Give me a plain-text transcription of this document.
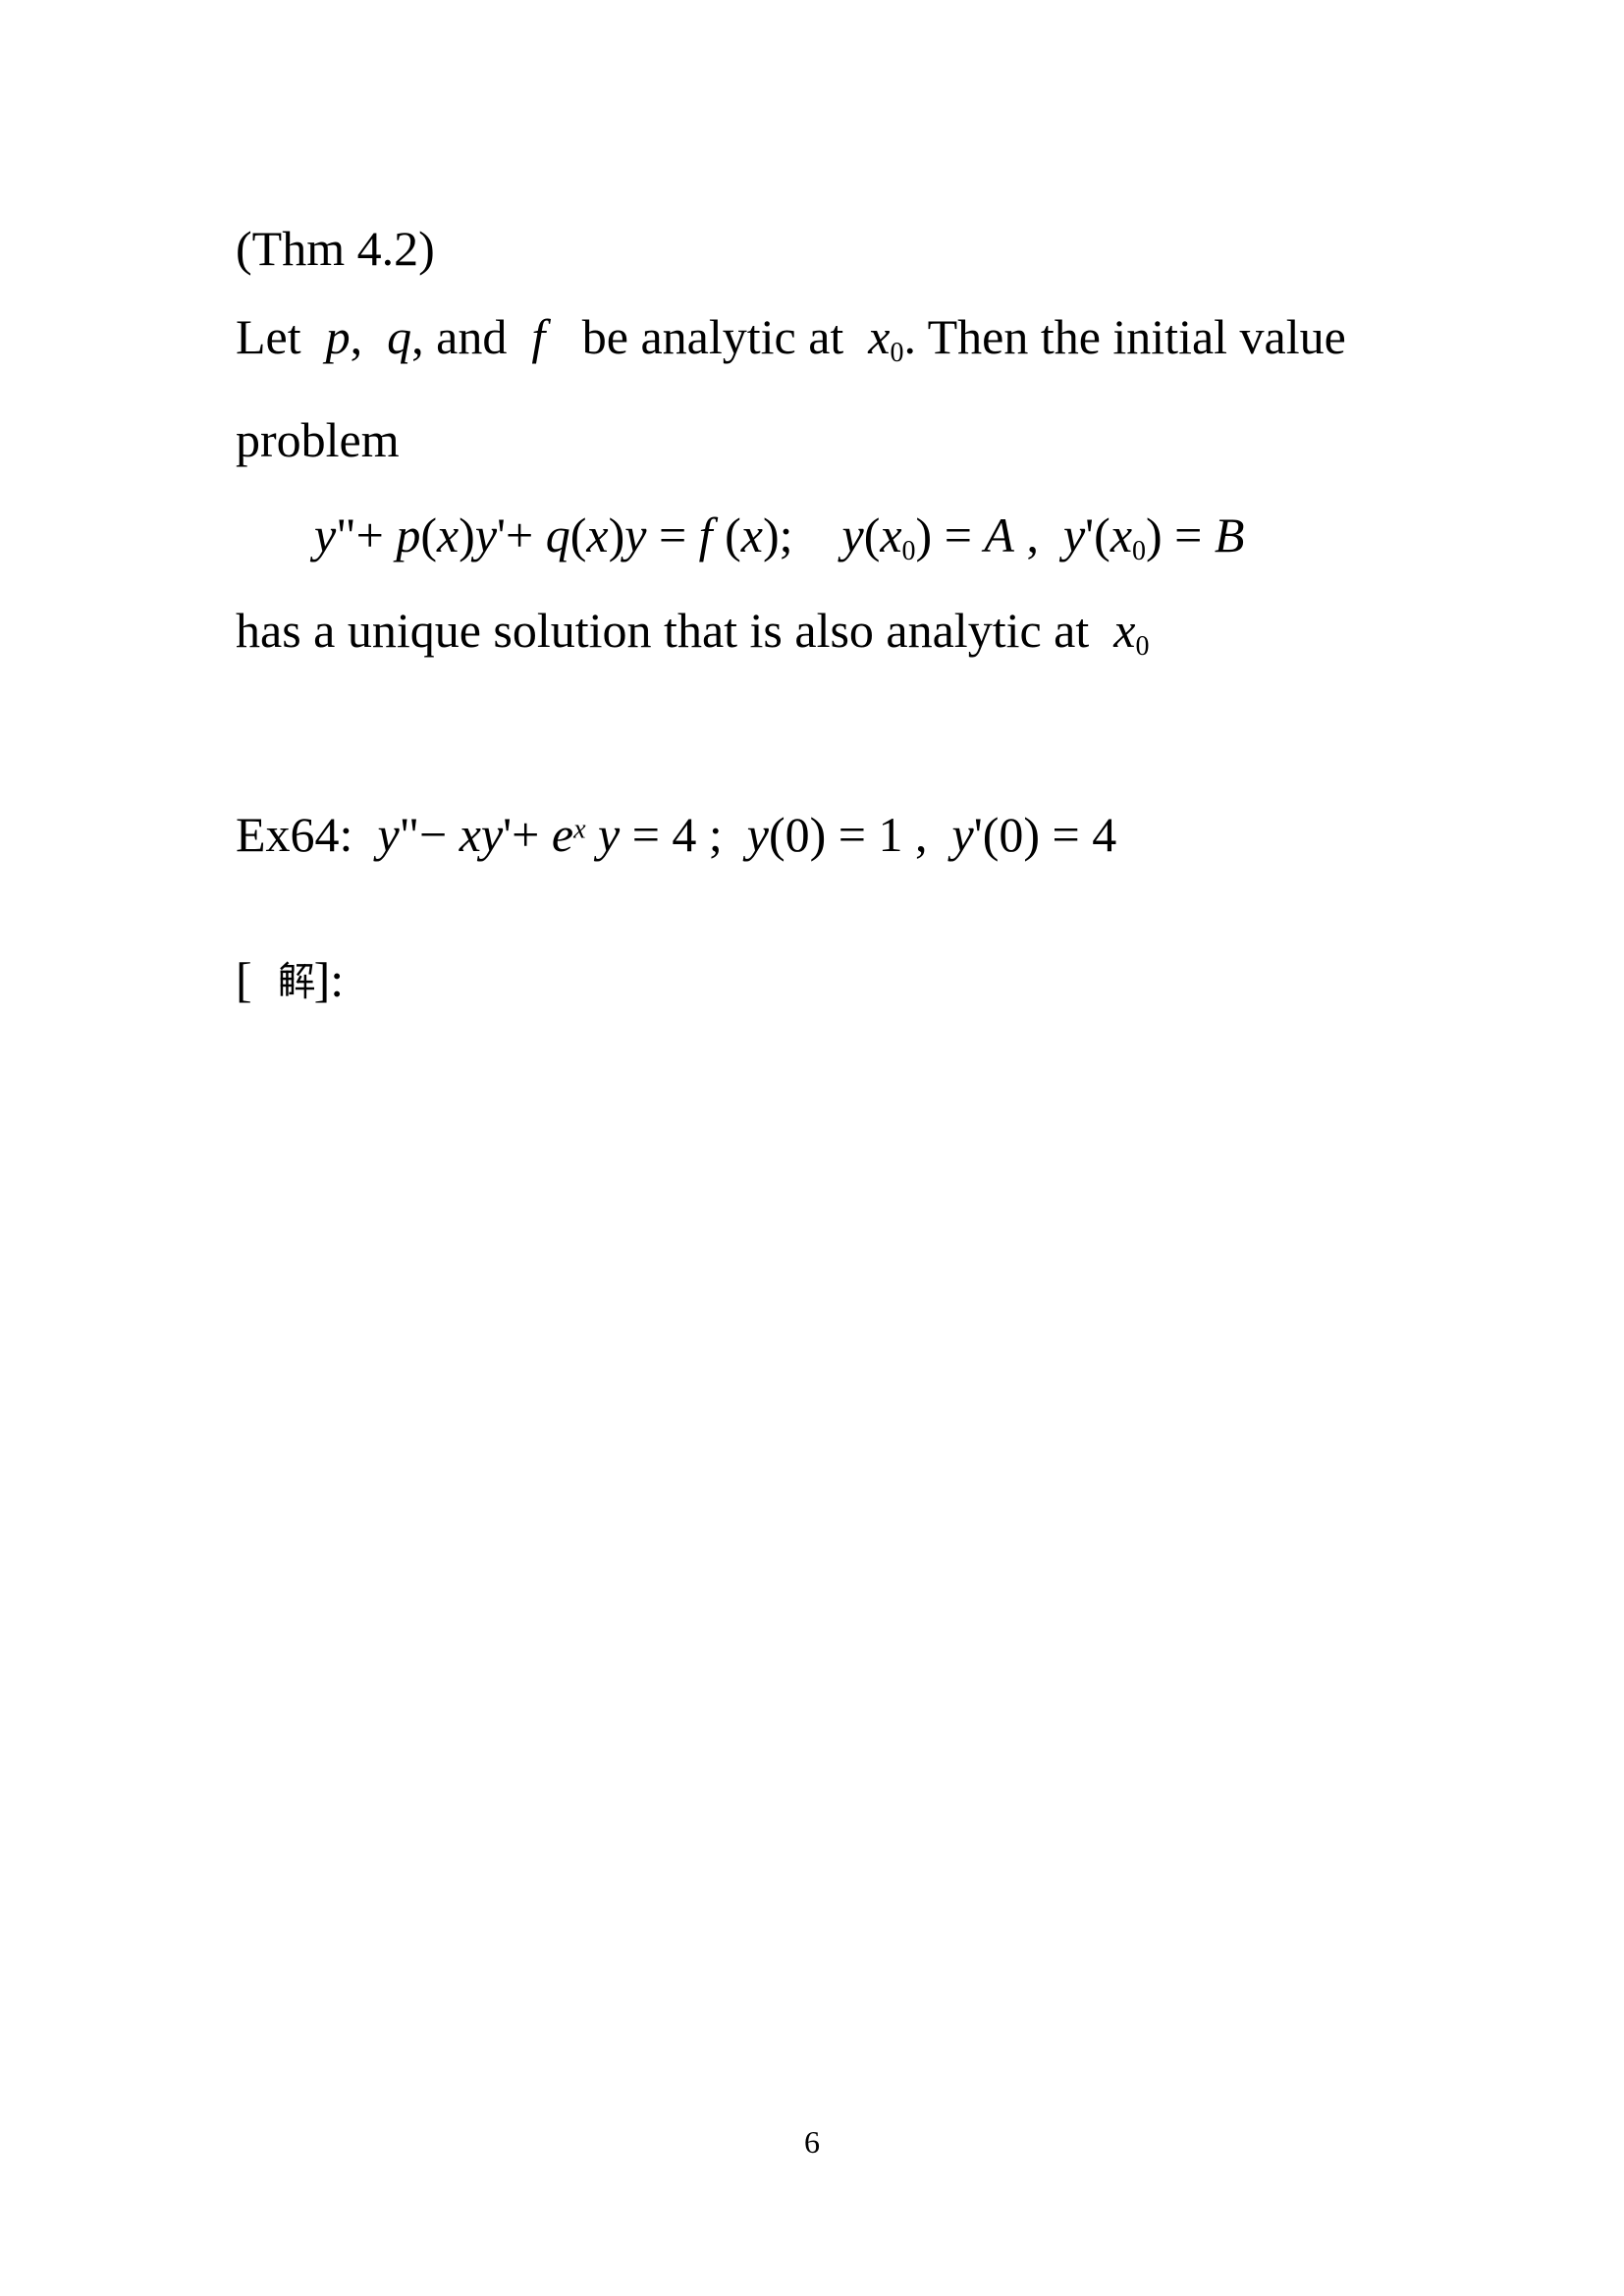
(Thm 4.2)
Let  p,  q, and  f   be analytic at  $x_0$. Then the initial value
problem
y"+ p(x)y'+ q(x)y = f (x);    $y(x_0) = A$ ,  $y'(x_0) = B$
has a unique solution that is also analytic at  $x_0$
Ex64:  y"− $xy'+ e^x$ y = 4 ;  y(0) = 1 ,  y'(0) = 4
[
]:
6
